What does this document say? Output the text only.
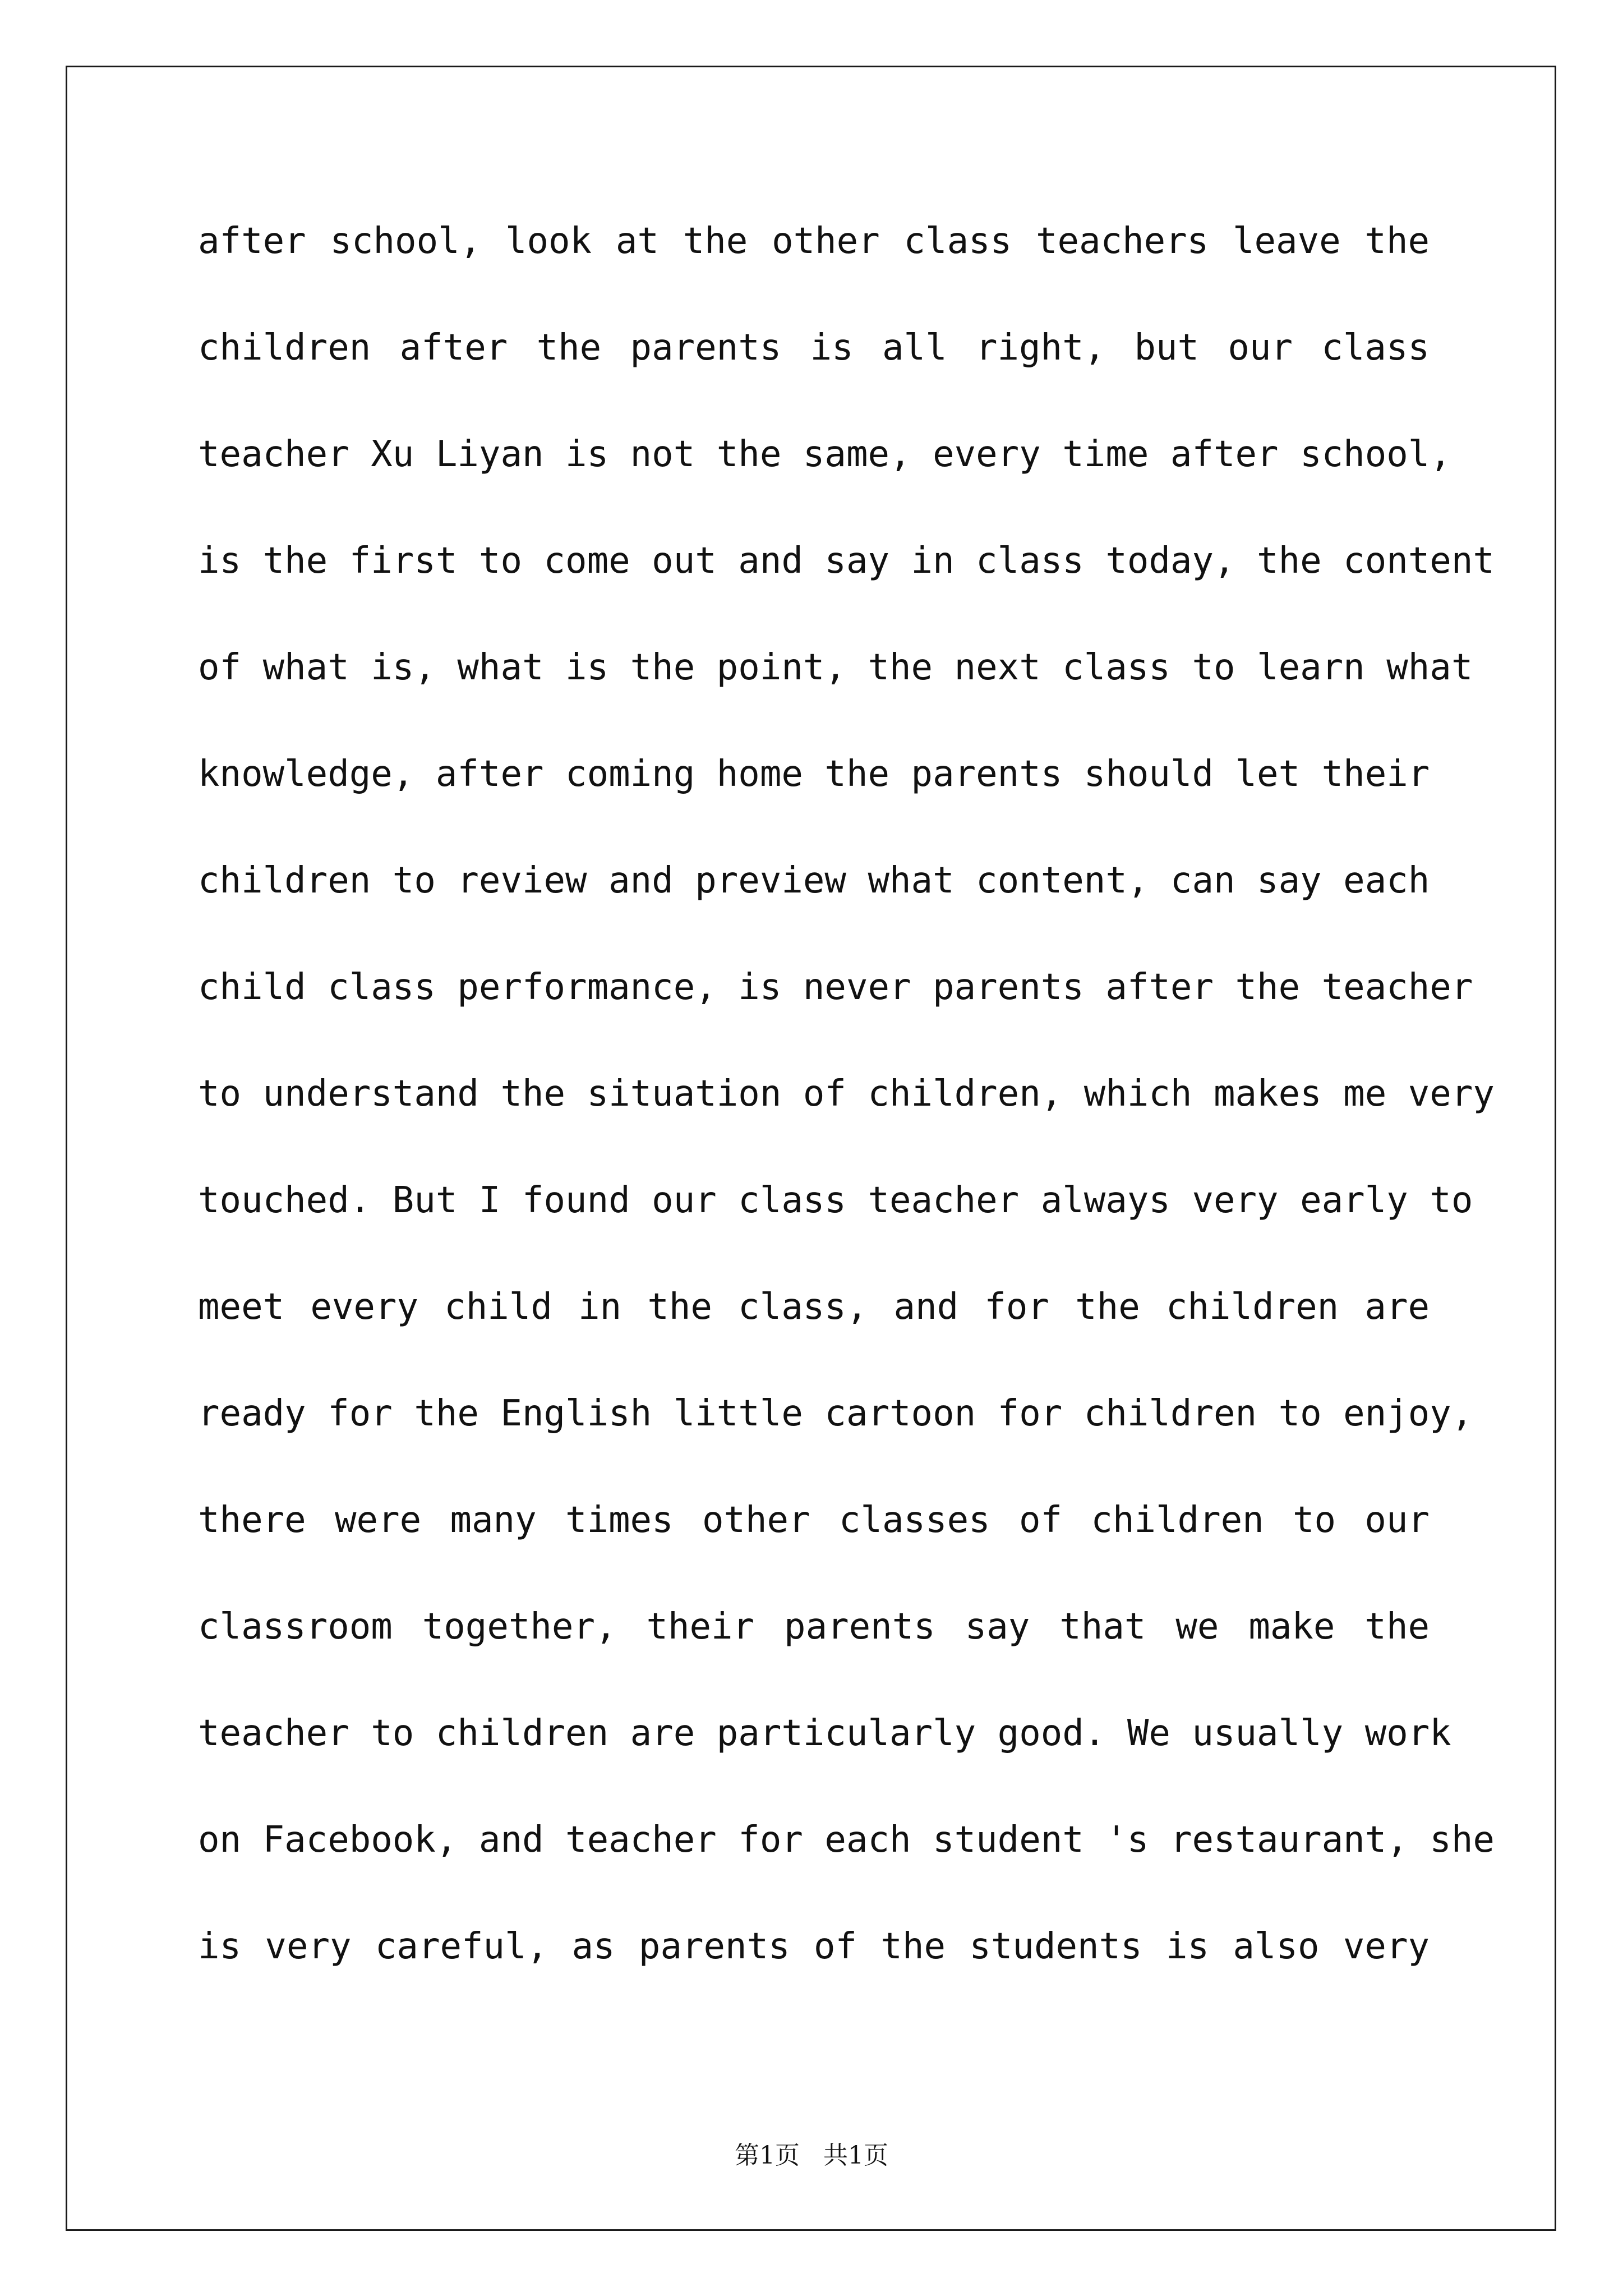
after school, look at the other class teachers leave the
children after the parents is all right, but our class
teacher Xu Liyan is not the same, every time after school,
is the first to come out and say in class today, the content
of what is, what is the point, the next class to learn what
knowledge, after coming home the parents should let their
children to review and preview what content, can say each
child class performance, is never parents after the teacher
to understand the situation of children, which makes me very
touched. But I found our class teacher always very early to
meet every child in the class, and for the children are
ready for the English little cartoon for children to enjoy,
there were many times other classes of children to our
classroom together, their parents say that we make the
teacher to children are particularly good. We usually work
on Facebook, and teacher for each student 's restaurant, she
is very careful, as parents of the students is also very
第1页 共1页
